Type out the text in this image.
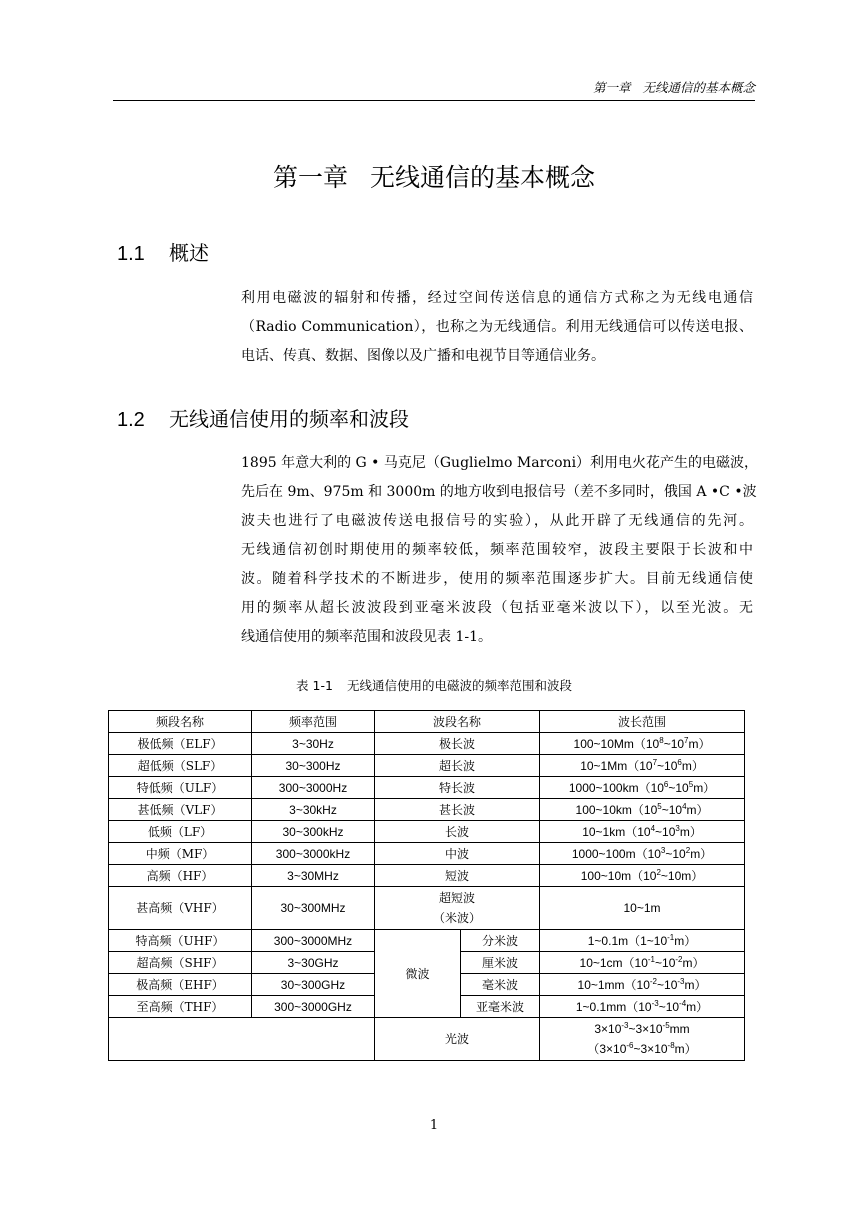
第一章 无线通信的基本概念
第一章 无线通信的基本概念
1.1 概述
利用电磁波的辐射和传播，经过空间传送信息的通信方式称之为无线电通信
（Radio Communication），也称之为无线通信。利用无线通信可以传送电报、
电话、传真、数据、图像以及广播和电视节目等通信业务。
1.2 无线通信使用的频率和波段
1895 年意大利的 G • 马克尼（Guglielmo Marconi）利用电火花产生的电磁波，
先后在 9m、975m 和 3000m 的地方收到电报信号（差不多同时，俄国 A •C •波
波夫也进行了电磁波传送电报信号的实验），从此开辟了无线通信的先河。
无线通信初创时期使用的频率较低，频率范围较窄，波段主要限于长波和中
波。随着科学技术的不断进步，使用的频率范围逐步扩大。目前无线通信使
用的频率从超长波波段到亚毫米波段（包括亚毫米波以下），以至光波。无
线通信使用的频率范围和波段见表 1-1。
表 1-1 无线通信使用的电磁波的频率范围和波段
频段名称	频率范围	波段名称		波长范围
极低频（ELF）	3~30Hz	极长波		$100\sim 10Mm(10^8\sim 10^7m)$
超低频（SLF）	30~300Hz	超长波		$10\sim 1Mm(10^7\sim 10^6m)$
特低频（ULF）	300~3000Hz	特长波		$1000\sim 100km(10^6\sim 10^5m)$
甚低频（VLF）	3~30kHz	甚长波		$100\sim 10km(10^5\sim 10^4m)$
低频（LF）	30~300kHz	长波		$10\sim 1km(10^4\sim 10^3m)$
中频（MF）	300~3000kHz	中波		$1000\sim 100m(10^3\sim 10^2m)$
高频（HF）	3~30MHz	短波		$100\sim 10m(10^2\sim 10m)$
甚高频（VHF）	30~300MHz	超短波
（米波）		10~1m
特高频（UHF）	300~3000MHz	微波	分米波	$1\sim 0.1m(1\sim 10^{-1}m)$
超高频（SHF）	3~30GHz		厘米波	$10\sim 1cm(10^{-1}\sim 10^{-2}m)$
极高频（EHF）	30~300GHz		毫米波	$10\sim 1mm(10^{-2}\sim 10^{-3}m)$
至高频（THF）	300~3000GHz		亚毫米波	$1\sim 0.1mm(10^{-3}\sim 10^{-4}m)$
		光波		$3\times 10^{-3}\sim 3\times 10^{-5}mm$
$(3\times 10^{-6}\sim 3\times 10^{-8}m)$
1
